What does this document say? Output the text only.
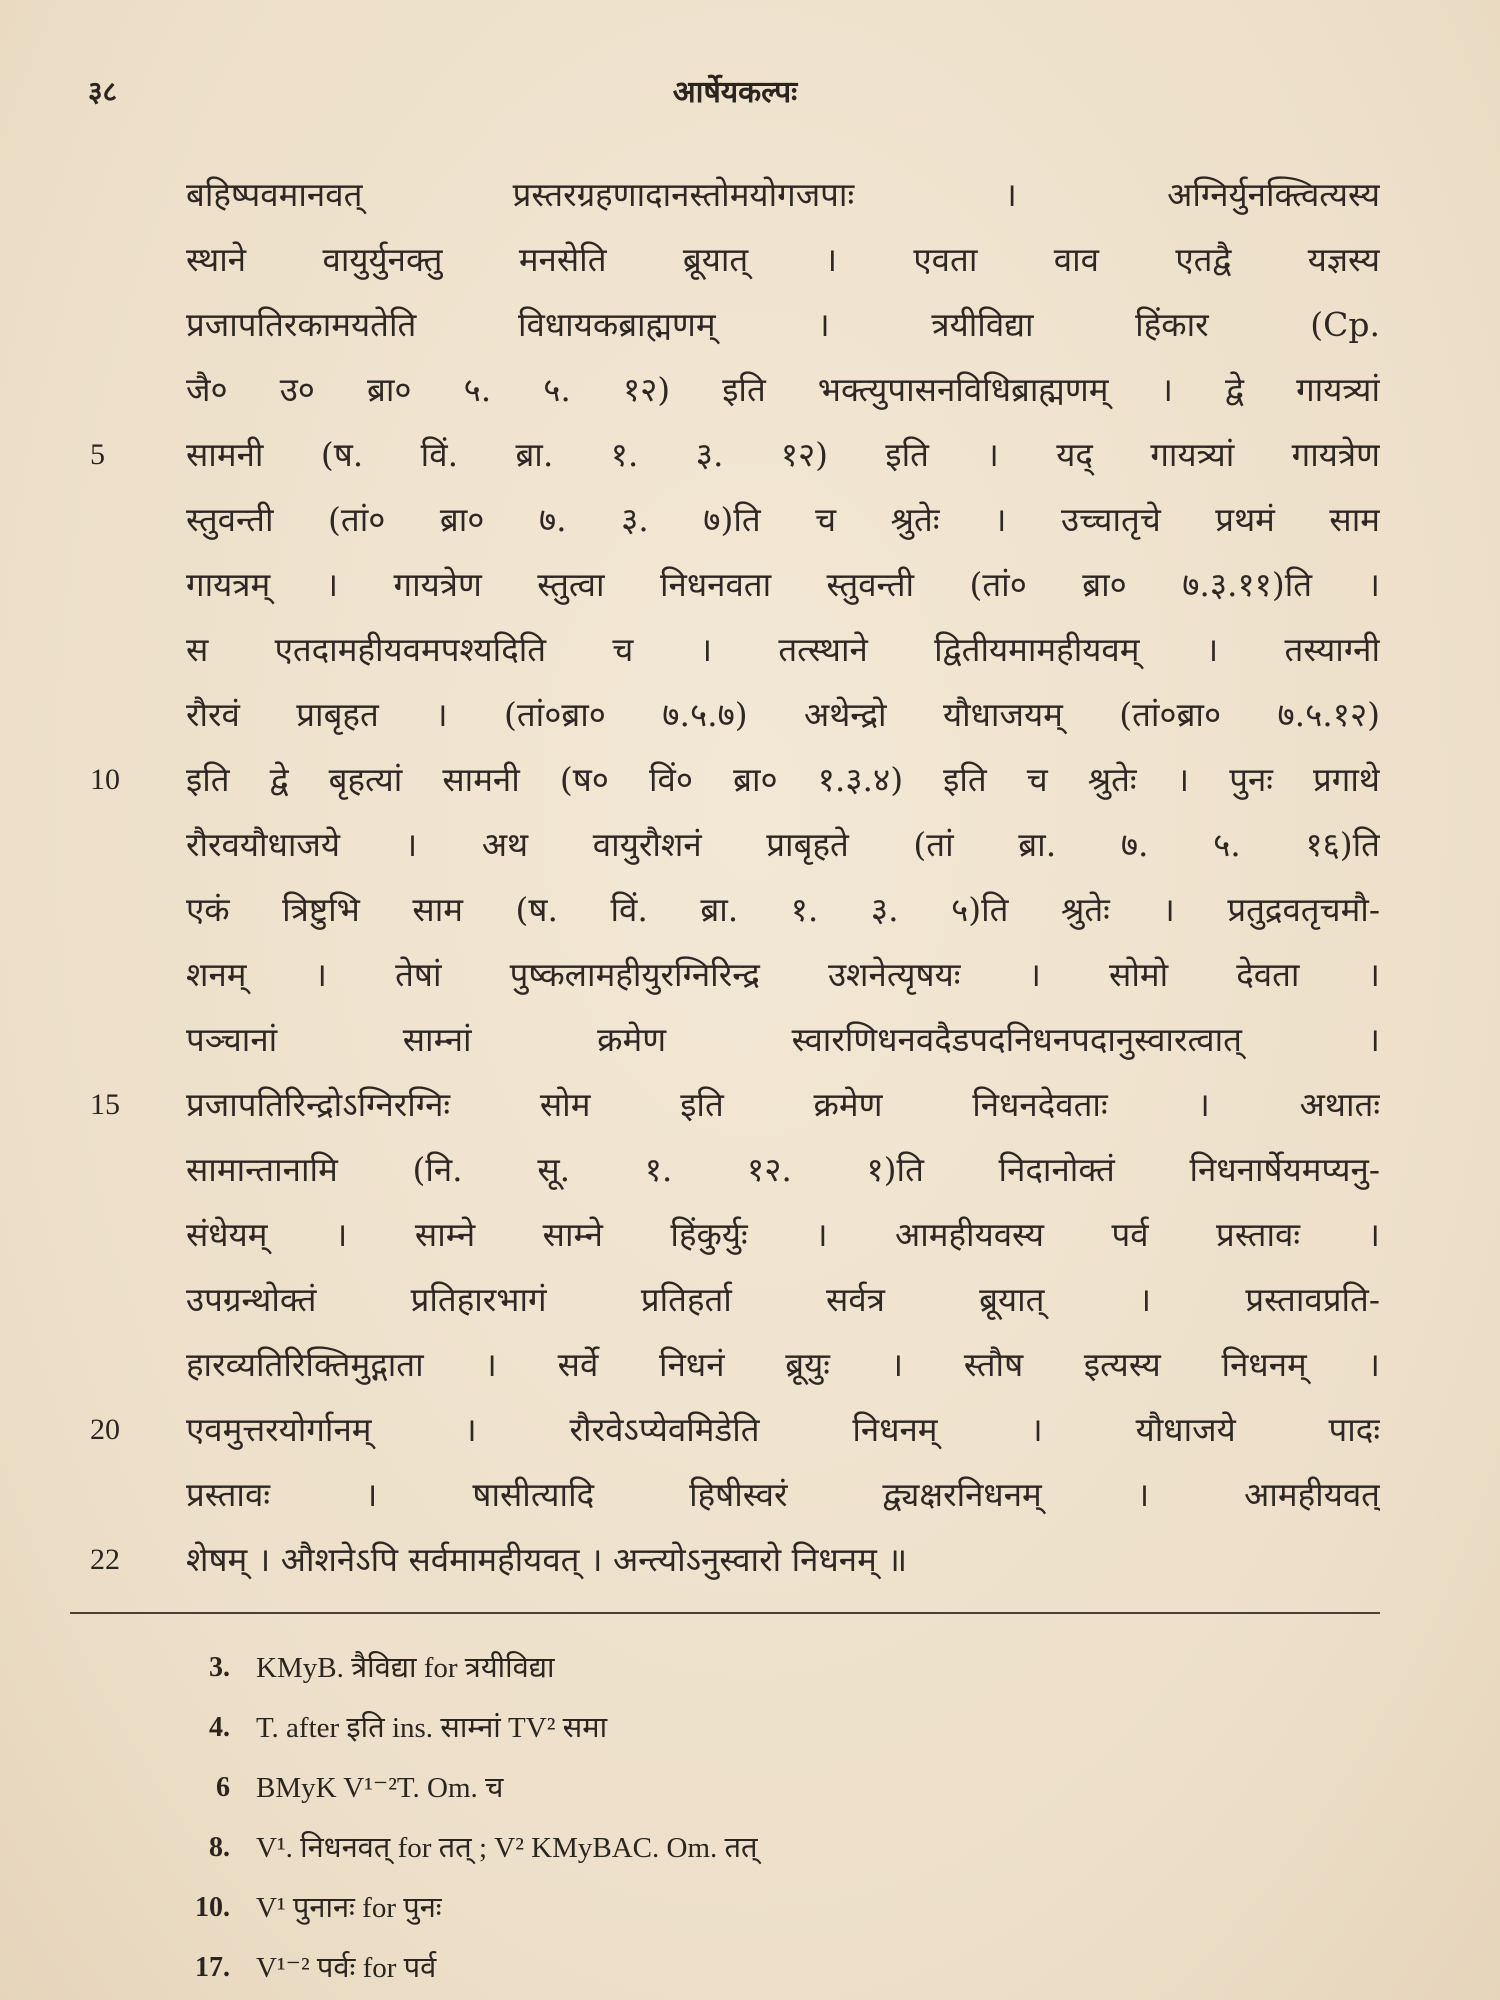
३८	आर्षेयकल्पः
बहिष्पवमानवत् प्रस्तरग्रहणादानस्तोमयोगजपाः । अग्निर्युनक्त्वित्यस्य
स्थाने वायुर्युनक्तु मनसेति ब्रूयात् । एवता वाव एतद्वै यज्ञस्य
प्रजापतिरकामयतेति विधायकब्राह्मणम् । त्रयीविद्या हिंकार (Cp.
जै० उ० ब्रा० ५. ५. १२) इति भक्त्युपासनविधिब्राह्मणम् । द्वे गायत्र्यां
5	सामनी (ष. विं. ब्रा. १. ३. १२) इति । यद् गायत्र्यां गायत्रेण
स्तुवन्ती (तां० ब्रा० ७. ३. ७)ति च श्रुतेः । उच्चातृचे प्रथमं साम
गायत्रम् । गायत्रेण स्तुत्वा निधनवता स्तुवन्ती (तां० ब्रा० ७.३.११)ति ।
स एतदामहीयवमपश्यदिति च । तत्स्थाने द्वितीयमामहीयवम् । तस्याग्नी
रौरवं प्राबृहत । (तां०ब्रा० ७.५.७) अथेन्द्रो यौधाजयम् (तां०ब्रा० ७.५.१२)
10	इति द्वे बृहत्यां सामनी (ष० विं० ब्रा० १.३.४) इति च श्रुतेः । पुनः प्रगाथे
रौरवयौधाजये । अथ वायुरौशनं प्राबृहते (तां ब्रा. ७. ५. १६)ति
एकं त्रिष्टुभि साम (ष. विं. ब्रा. १. ३. ५)ति श्रुतेः । प्रतुद्रवतृचमौ-
शनम् । तेषां पुष्कलामहीयुरग्निरिन्द्र उशनेत्यृषयः । सोमो देवता ।
पञ्चानां साम्नां क्रमेण स्वारणिधनवदैडपदनिधनपदानुस्वारत्वात् ।
15	प्रजापतिरिन्द्रोऽग्निरग्निः सोम इति क्रमेण निधनदेवताः । अथातः
सामान्तानामि (नि. सू. १. १२. १)ति निदानोक्तं निधनार्षेयमप्यनु-
संधेयम् । साम्ने साम्ने हिंकुर्युः । आमहीयवस्य पर्व प्रस्तावः ।
उपग्रन्थोक्तं प्रतिहारभागं प्रतिहर्ता सर्वत्र ब्रूयात् । प्रस्तावप्रति-
हारव्यतिरिक्तिमुद्गाता । सर्वे निधनं ब्रूयुः । स्तौष इत्यस्य निधनम् ।
20	एवमुत्तरयोर्गानम् । रौरवेऽप्येवमिडेति निधनम् । यौधाजये पादः
प्रस्तावः । षासीत्यादि हिषीस्वरं द्व्यक्षरनिधनम् । आमहीयवत्
22	शेषम् । औशनेऽपि सर्वमामहीयवत् । अन्त्योऽनुस्वारो निधनम् ॥
3. KMyB. त्रैविद्या for त्रयीविद्या
4. T. after इति ins. साम्नां TV² समा
6 BMyK V¹⁻²T. Om. च
8. V¹. निधनवत् for तत् ; V² KMyBAC. Om. तत्
10. V¹ पुनानः for पुनः
17. V¹⁻² पर्वः for पर्व
